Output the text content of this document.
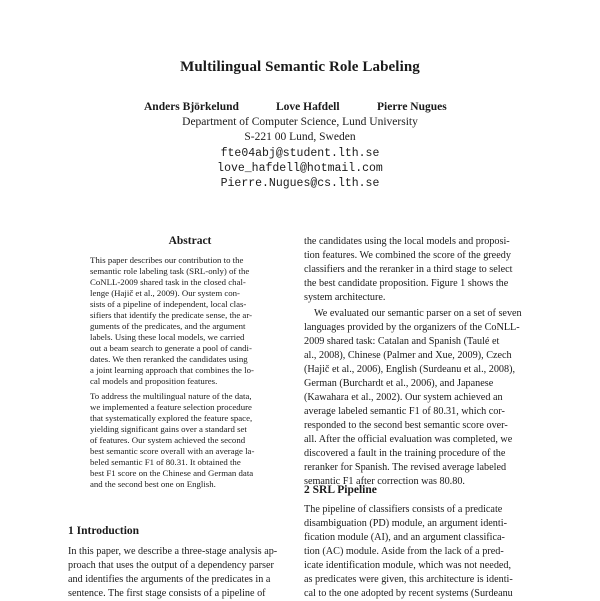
Multilingual Semantic Role Labeling
Anders Björkelund	Love Hafdell	Pierre Nugues
Department of Computer Science, Lund University
S-221 00 Lund, Sweden
fte04abj@student.lth.se
love_hafdell@hotmail.com
Pierre.Nugues@cs.lth.se
Abstract
This paper describes our contribution to the
semantic role labeling task (SRL-only) of the
CoNLL-2009 shared task in the closed chal-
lenge (Hajič et al., 2009). Our system con-
sists of a pipeline of independent, local clas-
sifiers that identify the predicate sense, the ar-
guments of the predicates, and the argument
labels. Using these local models, we carried
out a beam search to generate a pool of candi-
dates. We then reranked the candidates using
a joint learning approach that combines the lo-
cal models and proposition features.
To address the multilingual nature of the data,
we implemented a feature selection procedure
that systematically explored the feature space,
yielding significant gains over a standard set
of features. Our system achieved the second
best semantic score overall with an average la-
beled semantic F1 of 80.31. It obtained the
best F1 score on the Chinese and German data
and the second best one on English.
1 Introduction
In this paper, we describe a three-stage analysis ap-
proach that uses the output of a dependency parser
and identifies the arguments of the predicates in a
sentence. The first stage consists of a pipeline of
the candidates using the local models and proposi-
tion features. We combined the score of the greedy
classifiers and the reranker in a third stage to select
the best candidate proposition. Figure 1 shows the
system architecture.
We evaluated our semantic parser on a set of seven
languages provided by the organizers of the CoNLL-
2009 shared task: Catalan and Spanish (Taulé et
al., 2008), Chinese (Palmer and Xue, 2009), Czech
(Hajič et al., 2006), English (Surdeanu et al., 2008),
German (Burchardt et al., 2006), and Japanese
(Kawahara et al., 2002). Our system achieved an
average labeled semantic F1 of 80.31, which cor-
responded to the second best semantic score over-
all. After the official evaluation was completed, we
discovered a fault in the training procedure of the
reranker for Spanish. The revised average labeled
semantic F1 after correction was 80.80.
2 SRL Pipeline
The pipeline of classifiers consists of a predicate
disambiguation (PD) module, an argument identi-
fication module (AI), and an argument classifica-
tion (AC) module. Aside from the lack of a pred-
icate identification module, which was not needed,
as predicates were given, this architecture is identi-
cal to the one adopted by recent systems (Surdeanu
